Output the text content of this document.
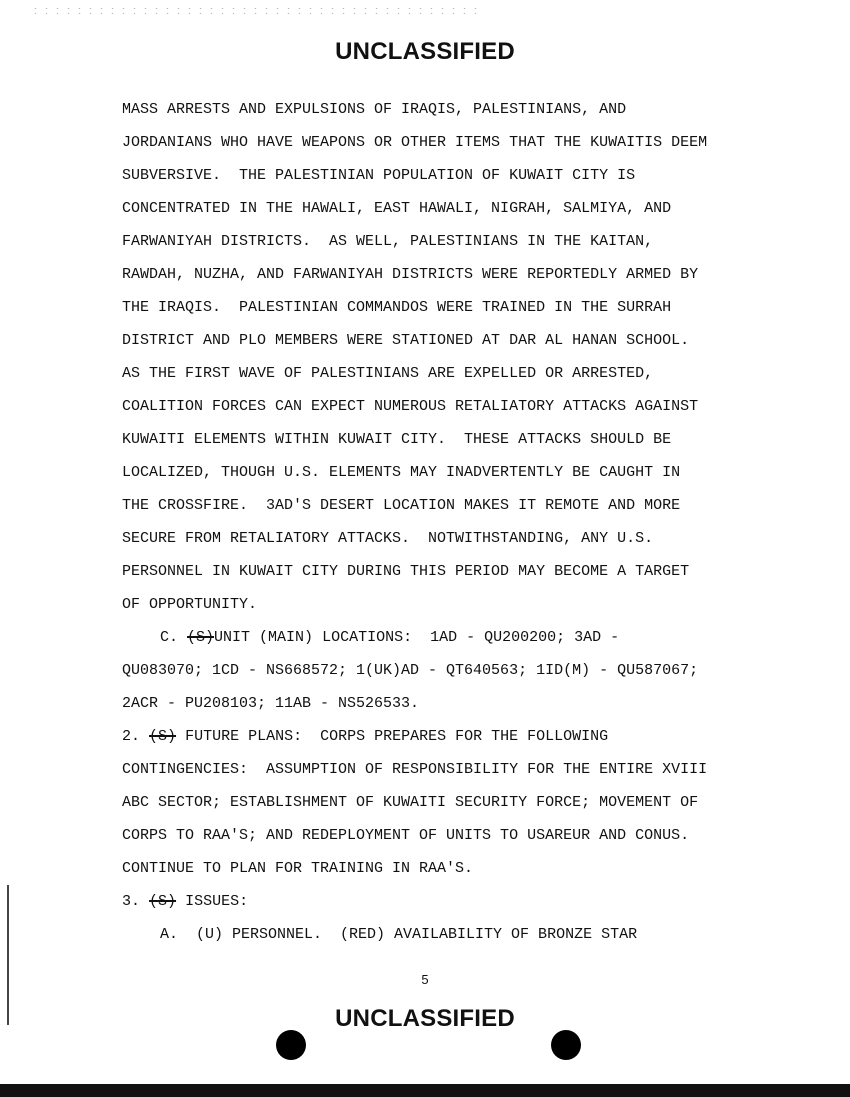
UNCLASSIFIED
MASS ARRESTS AND EXPULSIONS OF IRAQIS, PALESTINIANS, AND
JORDANIANS WHO HAVE WEAPONS OR OTHER ITEMS THAT THE KUWAITIS DEEM
SUBVERSIVE.  THE PALESTINIAN POPULATION OF KUWAIT CITY IS
CONCENTRATED IN THE HAWALI, EAST HAWALI, NIGRAH, SALMIYA, AND
FARWANIYAH DISTRICTS.  AS WELL, PALESTINIANS IN THE KAITAN,
RAWDAH, NUZHA, AND FARWANIYAH DISTRICTS WERE REPORTEDLY ARMED BY
THE IRAQIS.  PALESTINIAN COMMANDOS WERE TRAINED IN THE SURRAH
DISTRICT AND PLO MEMBERS WERE STATIONED AT DAR AL HANAN SCHOOL.
AS THE FIRST WAVE OF PALESTINIANS ARE EXPELLED OR ARRESTED,
COALITION FORCES CAN EXPECT NUMEROUS RETALIATORY ATTACKS AGAINST
KUWAITI ELEMENTS WITHIN KUWAIT CITY.  THESE ATTACKS SHOULD BE
LOCALIZED, THOUGH U.S. ELEMENTS MAY INADVERTENTLY BE CAUGHT IN
THE CROSSFIRE.  3AD'S DESERT LOCATION MAKES IT REMOTE AND MORE
SECURE FROM RETALIATORY ATTACKS.  NOTWITHSTANDING, ANY U.S.
PERSONNEL IN KUWAIT CITY DURING THIS PERIOD MAY BECOME A TARGET
OF OPPORTUNITY.
C. (S)UNIT (MAIN) LOCATIONS:  1AD - QU200200; 3AD -
QU083070; 1CD - NS668572; 1(UK)AD - QT640563; 1ID(M) - QU587067;
2ACR - PU208103; 11AB - NS526533.
2. (S) FUTURE PLANS:  CORPS PREPARES FOR THE FOLLOWING
CONTINGENCIES:  ASSUMPTION OF RESPONSIBILITY FOR THE ENTIRE XVIII
ABC SECTOR; ESTABLISHMENT OF KUWAITI SECURITY FORCE; MOVEMENT OF
CORPS TO RAA'S; AND REDEPLOYMENT OF UNITS TO USAREUR AND CONUS.
CONTINUE TO PLAN FOR TRAINING IN RAA'S.
3. (S) ISSUES:
A.  (U) PERSONNEL.  (RED) AVAILABILITY OF BRONZE STAR
5
UNCLASSIFIED
